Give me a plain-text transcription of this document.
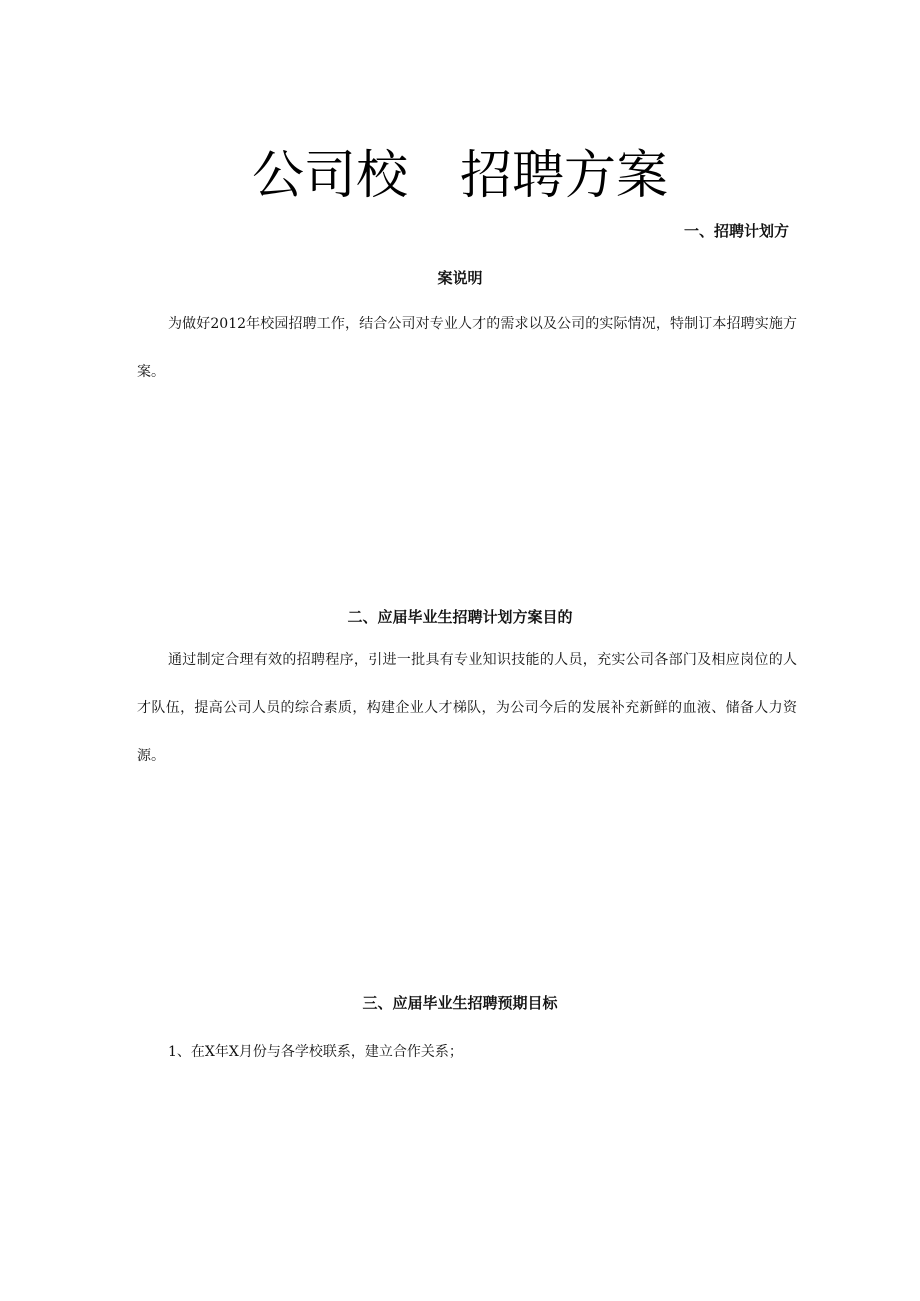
公司校 招聘方案
一、招聘计划方
案说明

为做好2012年校园招聘工作，结合公司对专业人才的需求以及公司的实际情况，特制订本招聘实施方案。

二、应届毕业生招聘计划方案目的

通过制定合理有效的招聘程序，引进一批具有专业知识技能的人员，充实公司各部门及相应岗位的人才队伍，提高公司人员的综合素质，构建企业人才梯队，为公司今后的发展补充新鲜的血液、储备人力资源。

三、应届毕业生招聘预期目标

1、在X年X月份与各学校联系，建立合作关系；
